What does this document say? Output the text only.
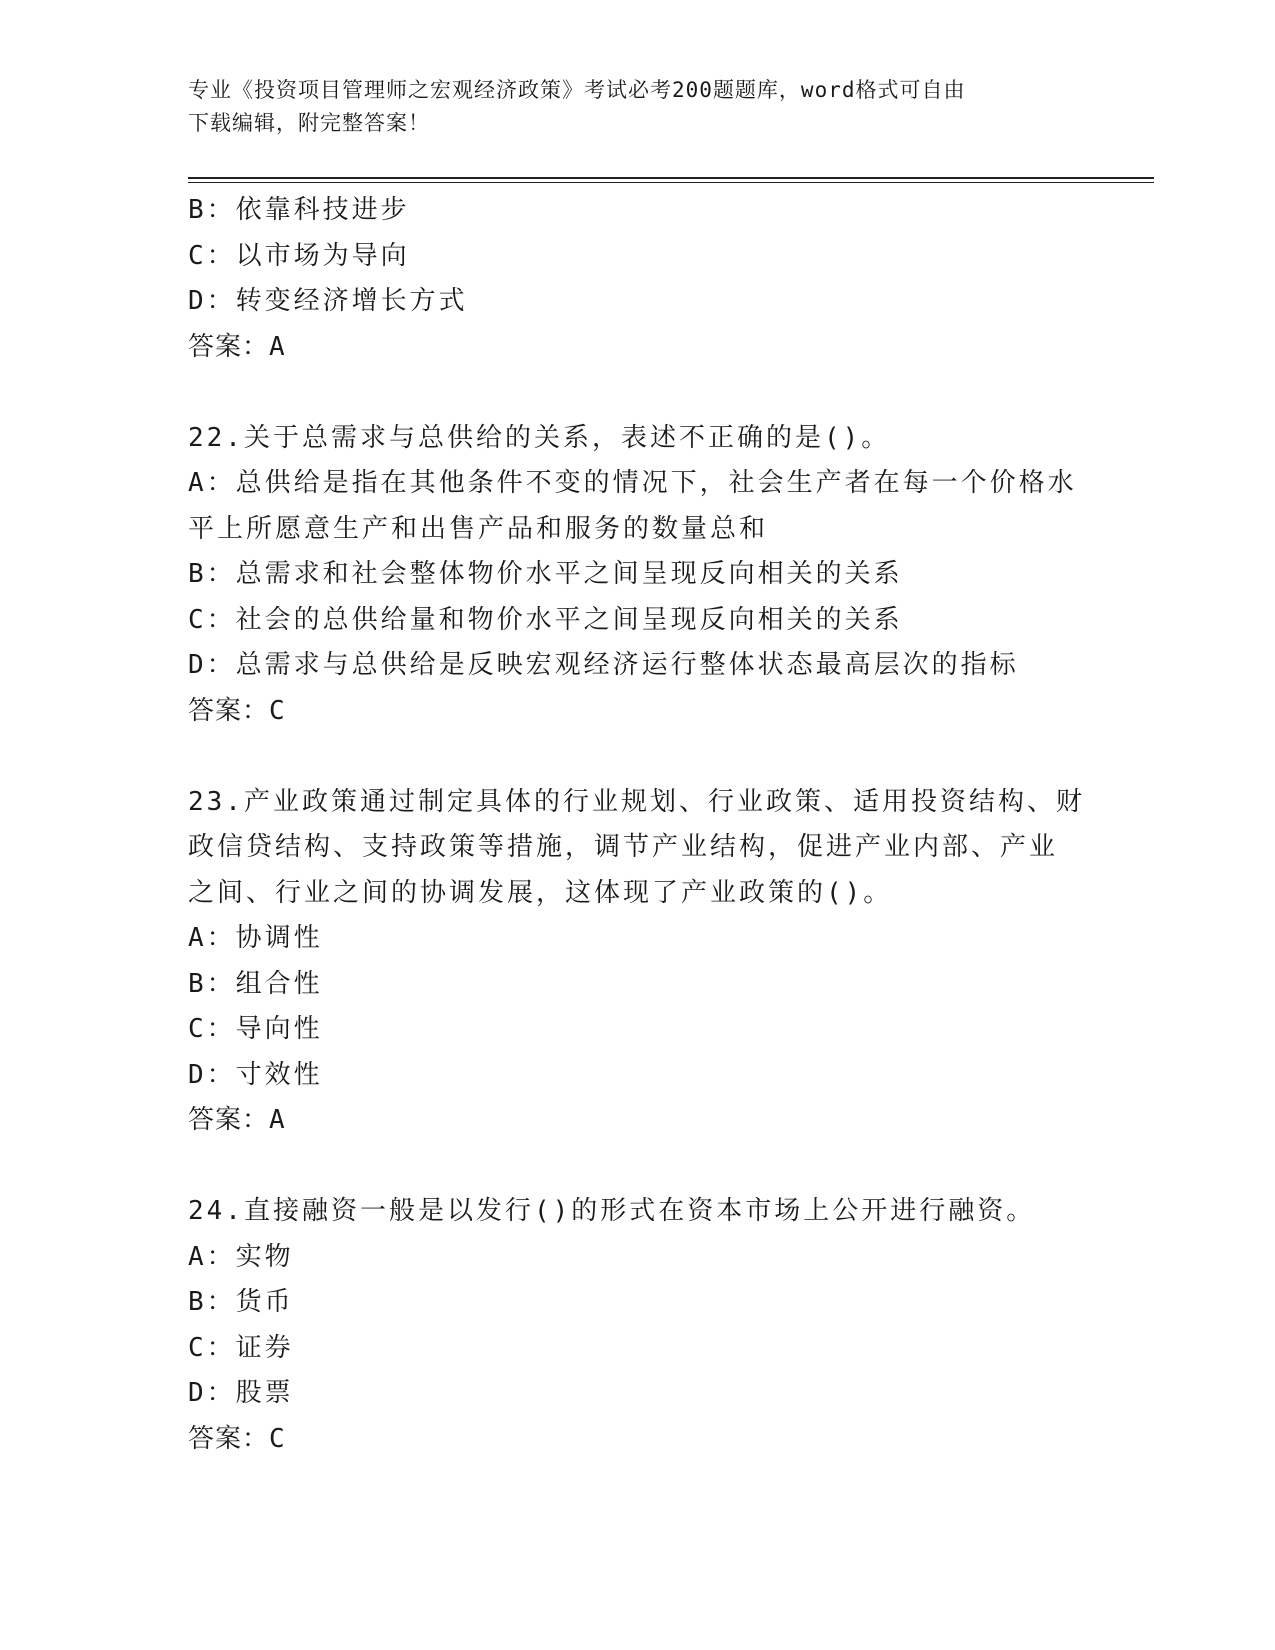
专业《投资项目管理师之宏观经济政策》考试必考200题题库，word格式可自由
下载编辑，附完整答案！
B：依靠科技进步
C：以市场为导向
D：转变经济增长方式
答案：A
22.关于总需求与总供给的关系，表述不正确的是()。
A：总供给是指在其他条件不变的情况下，社会生产者在每一个价格水
平上所愿意生产和出售产品和服务的数量总和
B：总需求和社会整体物价水平之间呈现反向相关的关系
C：社会的总供给量和物价水平之间呈现反向相关的关系
D：总需求与总供给是反映宏观经济运行整体状态最高层次的指标
答案：C
23.产业政策通过制定具体的行业规划、行业政策、适用投资结构、财
政信贷结构、支持政策等措施，调节产业结构，促进产业内部、产业
之间、行业之间的协调发展，这体现了产业政策的()。
A：协调性
B：组合性
C：导向性
D：寸效性
答案：A
24.直接融资一般是以发行()的形式在资本市场上公开进行融资。
A：实物
B：货币
C：证券
D：股票
答案：C
